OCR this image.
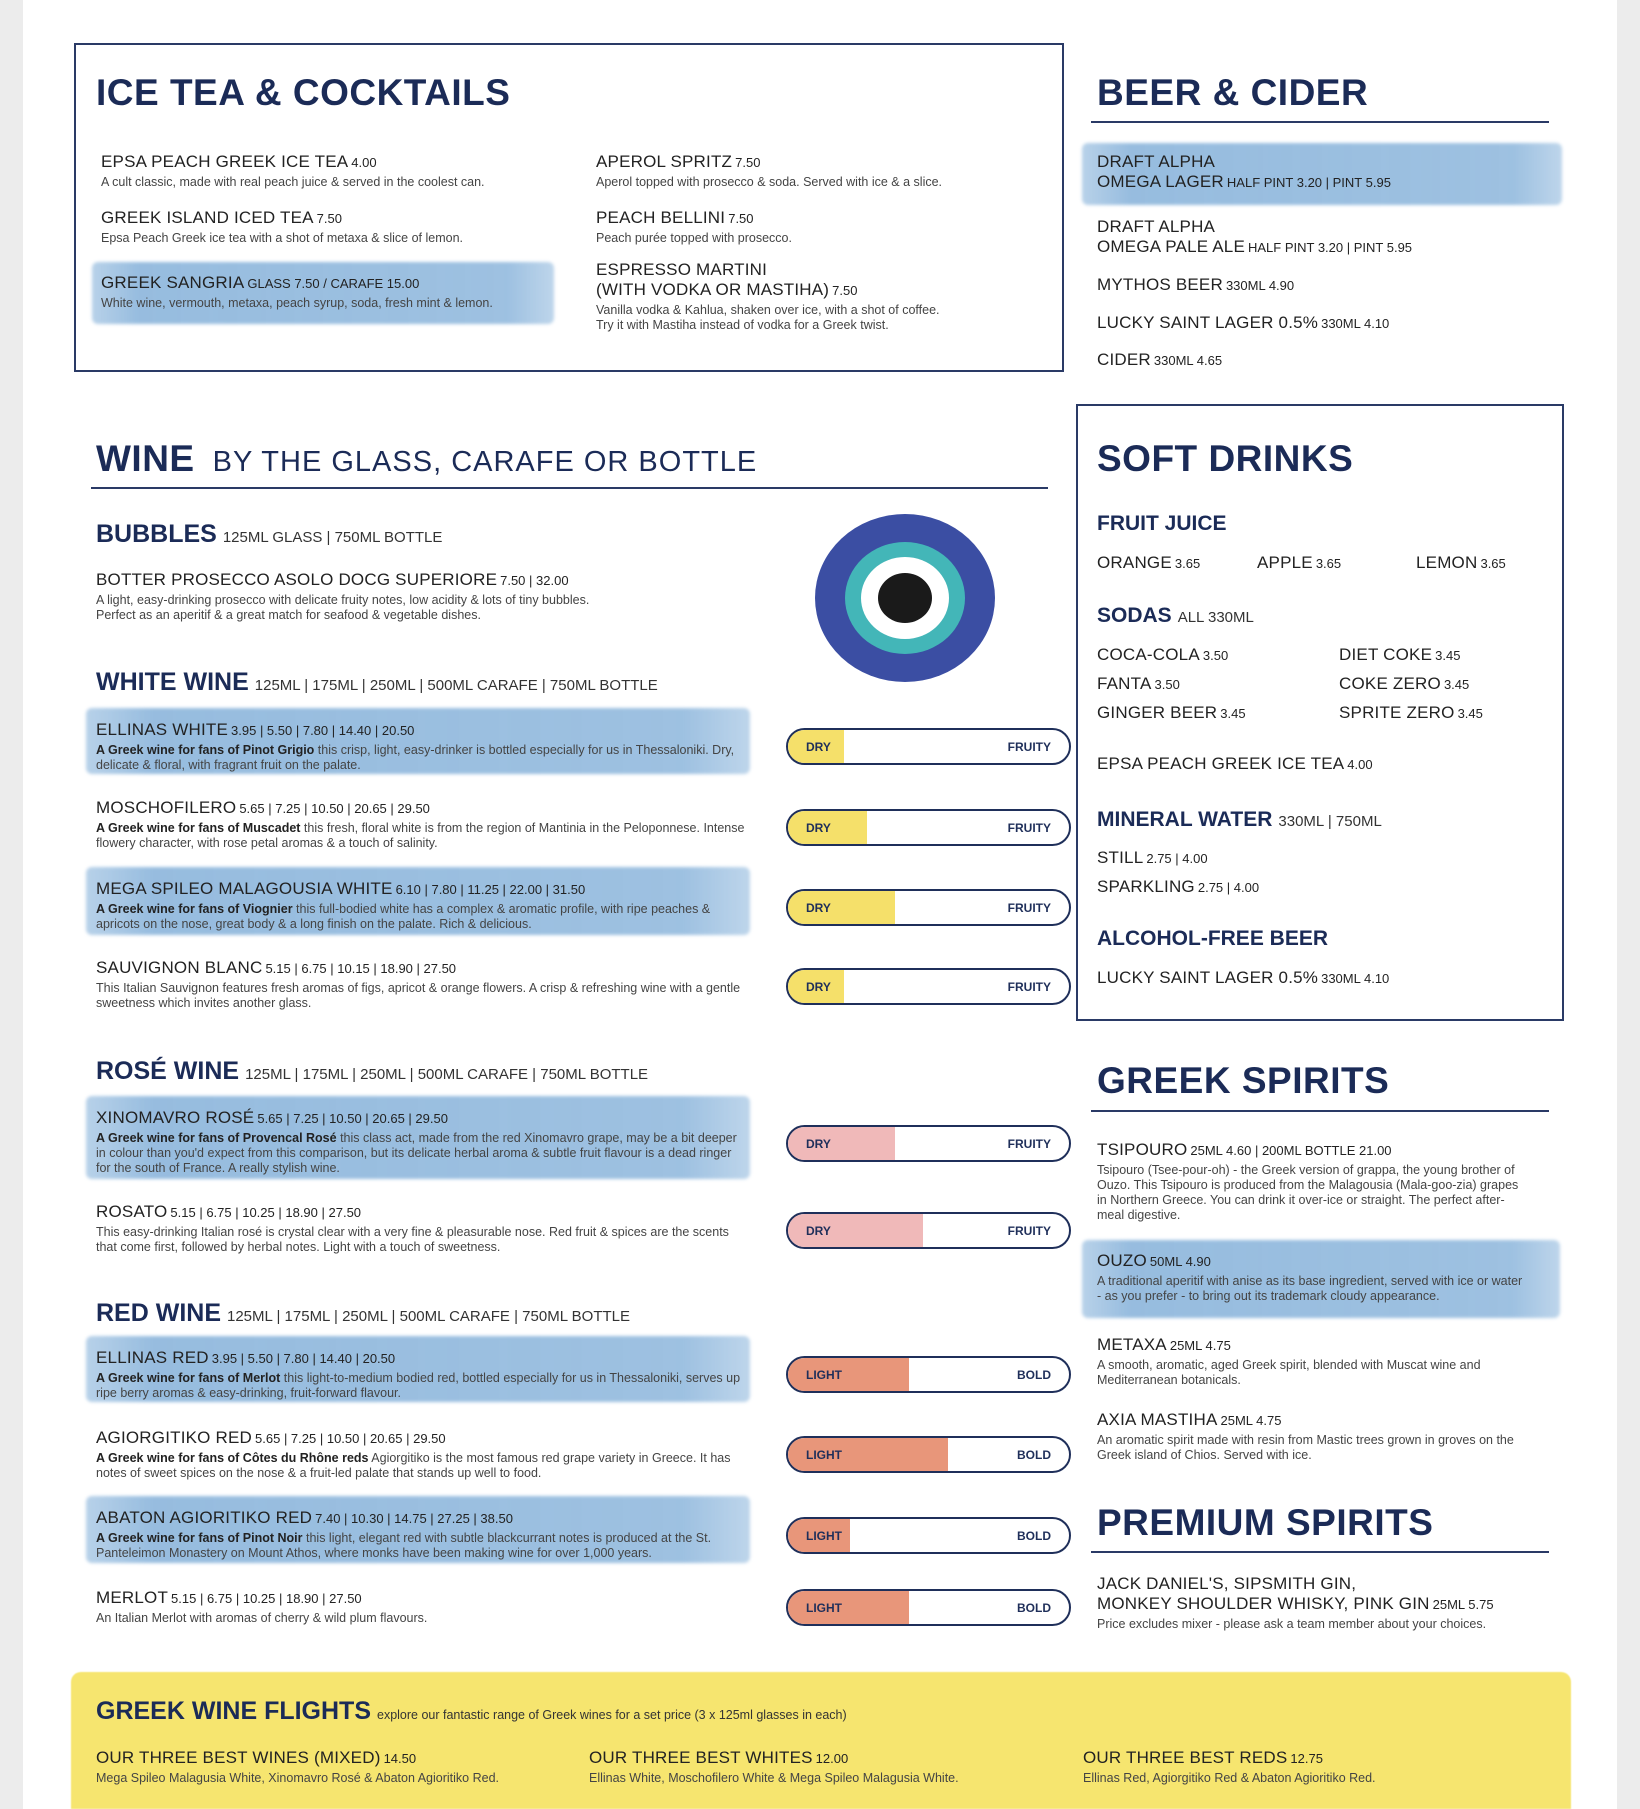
ICE TEA & COCKTAILS
EPSA PEACH GREEK ICE TEA 4.00
A cult classic, made with real peach juice & served in the coolest can.
GREEK ISLAND ICED TEA 7.50
Epsa Peach Greek ice tea with a shot of metaxa & slice of lemon.
GREEK SANGRIA GLASS 7.50 / CARAFE 15.00
White wine, vermouth, metaxa, peach syrup, soda, fresh mint & lemon.
APEROL SPRITZ 7.50
Aperol topped with prosecco & soda. Served with ice & a slice.
PEACH BELLINI 7.50
Peach purée topped with prosecco.
ESPRESSO MARTINI
(WITH VODKA OR MASTIHA) 7.50
Vanilla vodka & Kahlua, shaken over ice, with a shot of coffee.
Try it with Mastiha instead of vodka for a Greek twist.
BEER & CIDER
DRAFT ALPHA
OMEGA LAGER HALF PINT 3.20 | PINT 5.95
DRAFT ALPHA
OMEGA PALE ALE HALF PINT 3.20 | PINT 5.95
MYTHOS BEER 330ML 4.90
LUCKY SAINT LAGER 0.5% 330ML 4.10
CIDER 330ML 4.65
SOFT DRINKS
FRUIT JUICE
ORANGE 3.65	APPLE 3.65	LEMON 3.65
SODAS ALL 330ML
COCA-COLA 3.50	DIET COKE 3.45
FANTA 3.50	COKE ZERO 3.45
GINGER BEER 3.45	SPRITE ZERO 3.45
EPSA PEACH GREEK ICE TEA 4.00
MINERAL WATER 330ML | 750ML
STILL 2.75 | 4.00
SPARKLING 2.75 | 4.00
ALCOHOL-FREE BEER
LUCKY SAINT LAGER 0.5% 330ML 4.10
WINE BY THE GLASS, CARAFE OR BOTTLE
BUBBLES 125ML GLASS | 750ML BOTTLE
BOTTER PROSECCO ASOLO DOCG SUPERIORE 7.50 | 32.00
A light, easy-drinking prosecco with delicate fruity notes, low acidity & lots of tiny bubbles.
Perfect as an aperitif & a great match for seafood & vegetable dishes.
WHITE WINE 125ML | 175ML | 250ML | 500ML CARAFE | 750ML BOTTLE
ELLINAS WHITE 3.95 | 5.50 | 7.80 | 14.40 | 20.50
A Greek wine for fans of Pinot Grigio this crisp, light, easy-drinker is bottled especially for us in Thessaloniki. Dry, delicate & floral, with fragrant fruit on the palate.
DRY	FRUITY
MOSCHOFILERO 5.65 | 7.25 | 10.50 | 20.65 | 29.50
A Greek wine for fans of Muscadet this fresh, floral white is from the region of Mantinia in the Peloponnese. Intense flowery character, with rose petal aromas & a touch of salinity.
DRY	FRUITY
MEGA SPILEO MALAGOUSIA WHITE 6.10 | 7.80 | 11.25 | 22.00 | 31.50
A Greek wine for fans of Viognier this full-bodied white has a complex & aromatic profile, with ripe peaches & apricots on the nose, great body & a long finish on the palate. Rich & delicious.
DRY	FRUITY
SAUVIGNON BLANC 5.15 | 6.75 | 10.15 | 18.90 | 27.50
This Italian Sauvignon features fresh aromas of figs, apricot & orange flowers. A crisp & refreshing wine with a gentle sweetness which invites another glass.
DRY	FRUITY
ROSÉ WINE 125ML | 175ML | 250ML | 500ML CARAFE | 750ML BOTTLE
XINOMAVRO ROSÉ 5.65 | 7.25 | 10.50 | 20.65 | 29.50
A Greek wine for fans of Provencal Rosé this class act, made from the red Xinomavro grape, may be a bit deeper in colour than you'd expect from this comparison, but its delicate herbal aroma & subtle fruit flavour is a dead ringer for the south of France. A really stylish wine.
DRY	FRUITY
ROSATO 5.15 | 6.75 | 10.25 | 18.90 | 27.50
This easy-drinking Italian rosé is crystal clear with a very fine & pleasurable nose. Red fruit & spices are the scents that come first, followed by herbal notes. Light with a touch of sweetness.
DRY	FRUITY
RED WINE 125ML | 175ML | 250ML | 500ML CARAFE | 750ML BOTTLE
ELLINAS RED 3.95 | 5.50 | 7.80 | 14.40 | 20.50
A Greek wine for fans of Merlot this light-to-medium bodied red, bottled especially for us in Thessaloniki, serves up ripe berry aromas & easy-drinking, fruit-forward flavour.
LIGHT	BOLD
AGIORGITIKO RED 5.65 | 7.25 | 10.50 | 20.65 | 29.50
A Greek wine for fans of Côtes du Rhône reds Agiorgitiko is the most famous red grape variety in Greece. It has notes of sweet spices on the nose & a fruit-led palate that stands up well to food.
LIGHT	BOLD
ABATON AGIORITIKO RED 7.40 | 10.30 | 14.75 | 27.25 | 38.50
A Greek wine for fans of Pinot Noir this light, elegant red with subtle blackcurrant notes is produced at the St. Panteleimon Monastery on Mount Athos, where monks have been making wine for over 1,000 years.
LIGHT	BOLD
MERLOT 5.15 | 6.75 | 10.25 | 18.90 | 27.50
An Italian Merlot with aromas of cherry & wild plum flavours.
LIGHT	BOLD
GREEK SPIRITS
TSIPOURO 25ML 4.60 | 200ML BOTTLE 21.00
Tsipouro (Tsee-pour-oh) - the Greek version of grappa, the young brother of Ouzo. This Tsipouro is produced from the Malagousia (Mala-goo-zia) grapes in Northern Greece. You can drink it over-ice or straight. The perfect after-meal digestive.
OUZO 50ML 4.90
A traditional aperitif with anise as its base ingredient, served with ice or water - as you prefer - to bring out its trademark cloudy appearance.
METAXA 25ML 4.75
A smooth, aromatic, aged Greek spirit, blended with Muscat wine and Mediterranean botanicals.
AXIA MASTIHA 25ML 4.75
An aromatic spirit made with resin from Mastic trees grown in groves on the Greek island of Chios. Served with ice.
PREMIUM SPIRITS
JACK DANIEL'S, SIPSMITH GIN,
MONKEY SHOULDER WHISKY, PINK GIN 25ML 5.75
Price excludes mixer - please ask a team member about your choices.
GREEK WINE FLIGHTS explore our fantastic range of Greek wines for a set price (3 x 125ml glasses in each)
OUR THREE BEST WINES (MIXED) 14.50
Mega Spileo Malagusia White, Xinomavro Rosé & Abaton Agioritiko Red.
OUR THREE BEST WHITES 12.00
Ellinas White, Moschofilero White & Mega Spileo Malagusia White.
OUR THREE BEST REDS 12.75
Ellinas Red, Agiorgitiko Red & Abaton Agioritiko Red.
